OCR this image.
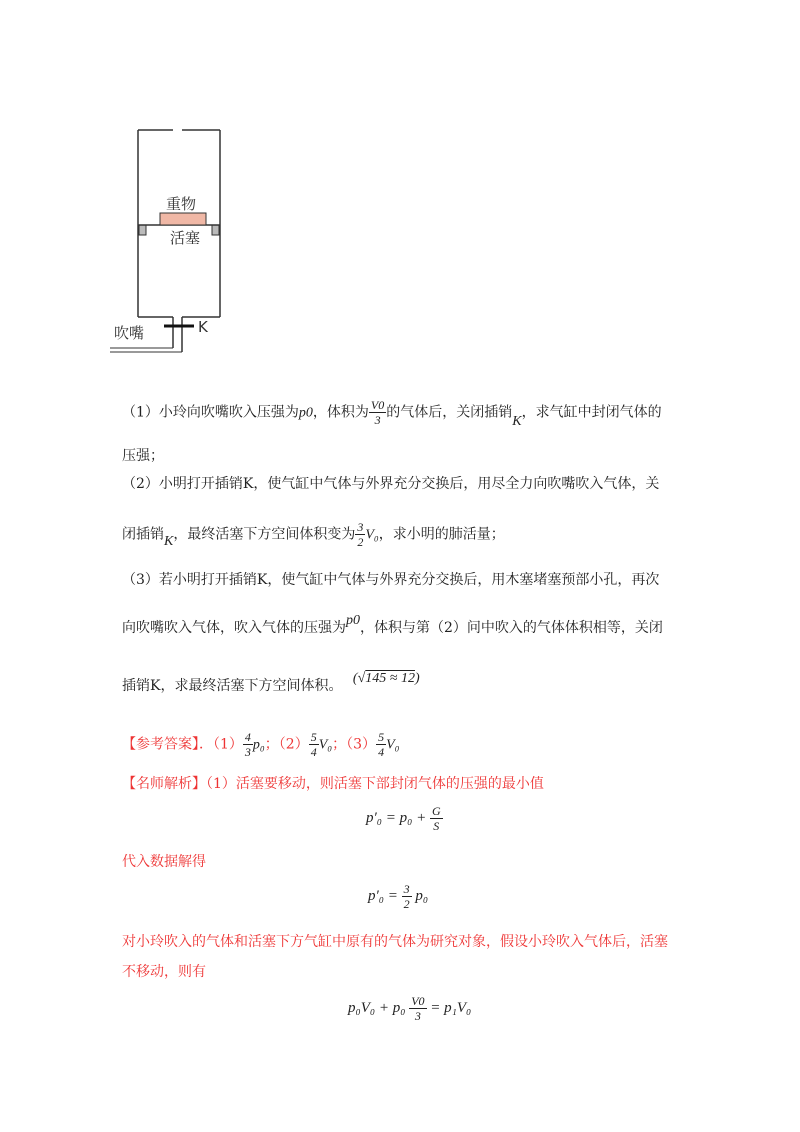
重物
活塞
K
吹嘴
（1）小玲向吹嘴吹入压强为p0，体积为 $\frac{V0}{3}$ 的气体后，关闭插销K，求气缸中封闭气体的
压强；
（2）小明打开插销K，使气缸中气体与外界充分交换后，用尽全力向吹嘴吹入气体，关
闭插销K，最终活塞下方空间体积变为 $\frac{3}{2} V_0$，求小明的肺活量；
（3）若小明打开插销K，使气缸中气体与外界充分交换后，用木塞堵塞预部小孔，再次
向吹嘴吹入气体，吹入气体的压强为p0，体积与第（2）问中吹入的气体体积相等，关闭
插销K，求最终活塞下方空间体积。 (√145 ≈ 12)
【参考答案】．$(1) \frac{4}{3} p_0$；$(2) \frac{5}{4} V_0$；$(3) \frac{5}{4} V_0$
【名师解析】（1）活塞要移动，则活塞下部封闭气体的压强的最小值
$p'_0 = p_0 + \frac{G}{S}$
代入数据解得
$p'_0 = \frac{3}{2} p_0$
对小玲吹入的气体和活塞下方气缸中原有的气体为研究对象，假设小玲吹入气体后，活塞
不移动，则有
$p_0V_0 + p_0 \frac{V0}{3} = p_1V_0$
